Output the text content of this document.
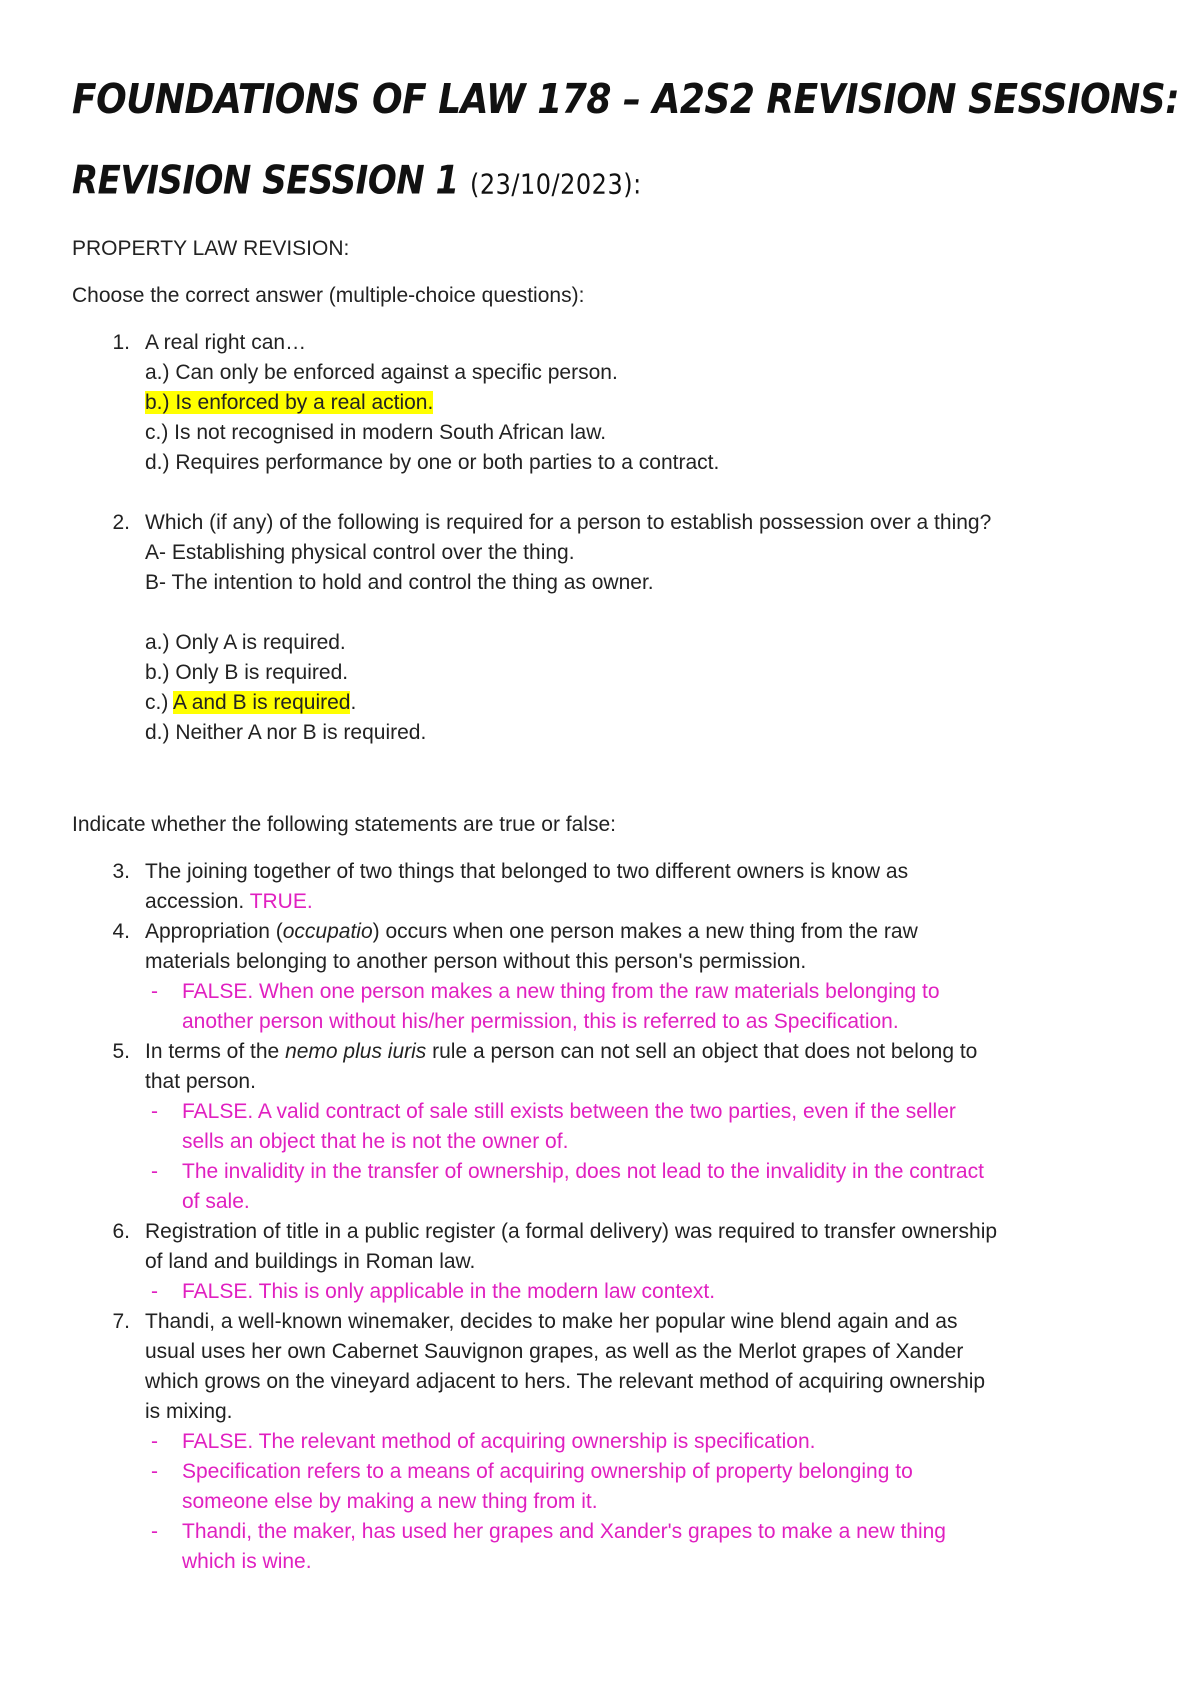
FOUNDATIONS OF LAW 178 – A2S2 REVISION SESSIONS:
REVISION SESSION 1 (23/10/2023):
PROPERTY LAW REVISION:
Choose the correct answer (multiple-choice questions):
1. A real right can…
a.) Can only be enforced against a specific person.
b.) Is enforced by a real action.
c.) Is not recognised in modern South African law.
d.) Requires performance by one or both parties to a contract.
2. Which (if any) of the following is required for a person to establish possession over a thing?
A- Establishing physical control over the thing.
B- The intention to hold and control the thing as owner.
a.) Only A is required.
b.) Only B is required.
c.) A and B is required.
d.) Neither A nor B is required.
Indicate whether the following statements are true or false:
3. The joining together of two things that belonged to two different owners is know as
accession. TRUE.
4. Appropriation (occupatio) occurs when one person makes a new thing from the raw
materials belonging to another person without this person's permission.
- FALSE. When one person makes a new thing from the raw materials belonging to
another person without his/her permission, this is referred to as Specification.
5. In terms of the nemo plus iuris rule a person can not sell an object that does not belong to
that person.
- FALSE. A valid contract of sale still exists between the two parties, even if the seller
sells an object that he is not the owner of.
- The invalidity in the transfer of ownership, does not lead to the invalidity in the contract
of sale.
6. Registration of title in a public register (a formal delivery) was required to transfer ownership
of land and buildings in Roman law.
- FALSE. This is only applicable in the modern law context.
7. Thandi, a well-known winemaker, decides to make her popular wine blend again and as
usual uses her own Cabernet Sauvignon grapes, as well as the Merlot grapes of Xander
which grows on the vineyard adjacent to hers. The relevant method of acquiring ownership
is mixing.
- FALSE. The relevant method of acquiring ownership is specification.
- Specification refers to a means of acquiring ownership of property belonging to
someone else by making a new thing from it.
- Thandi, the maker, has used her grapes and Xander's grapes to make a new thing
which is wine.
